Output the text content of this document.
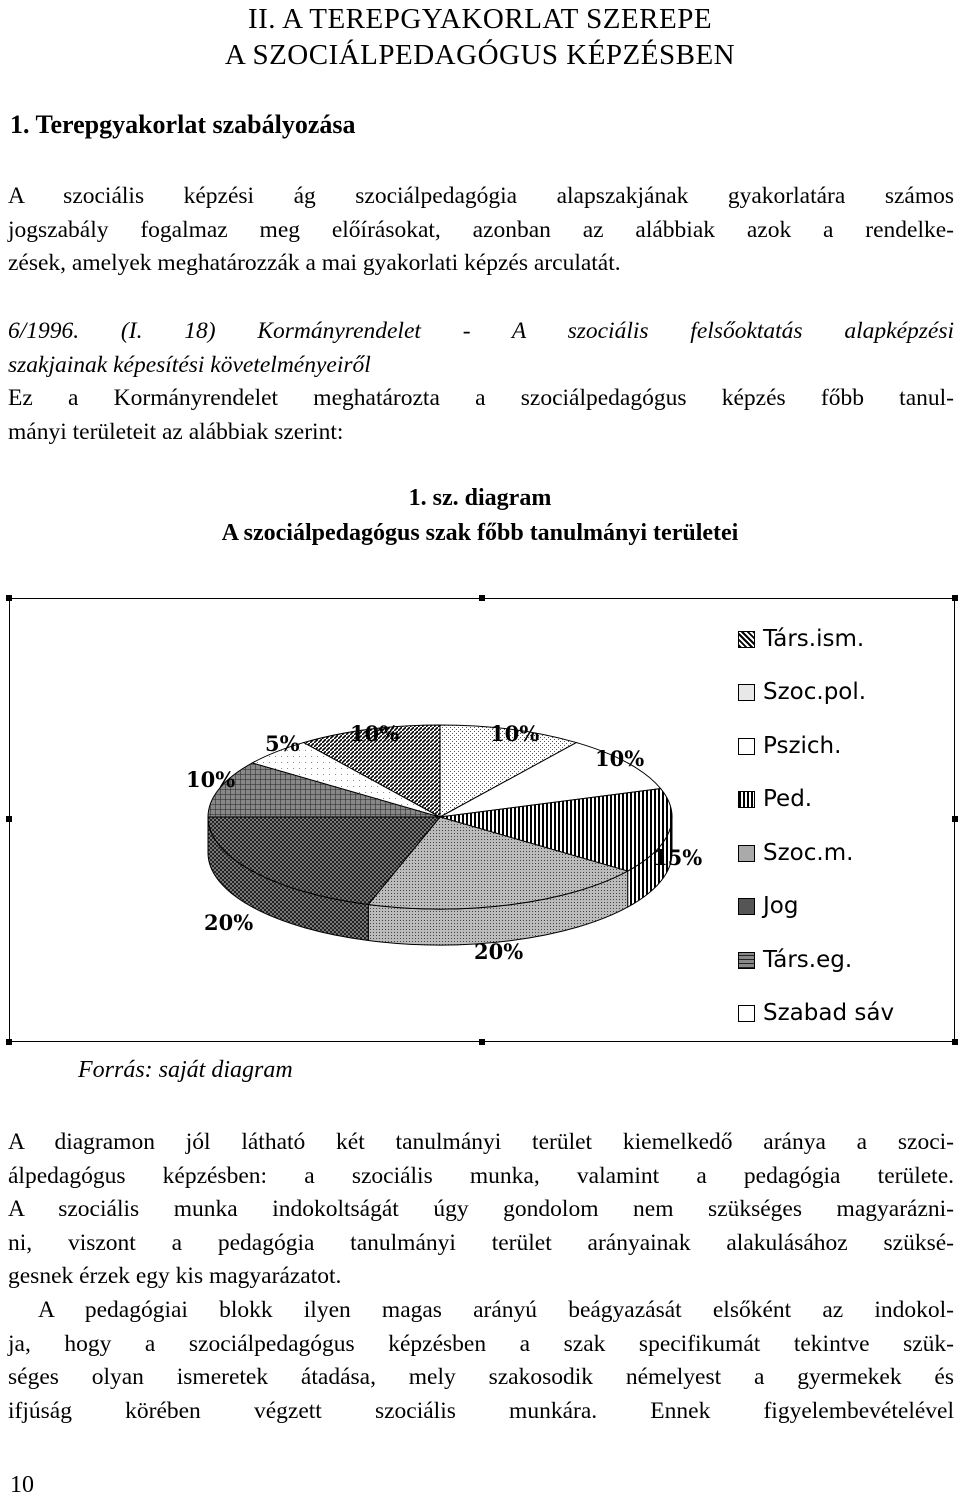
II. A TEREPGYAKORLAT SZEREPE
A SZOCIÁLPEDAGÓGUS KÉPZÉSBEN
1. Terepgyakorlat szabályozása
A szociális képzési ág szociálpedagógia alapszakjának gyakorlatára számos
jogszabály fogalmaz meg előírásokat, azonban az alábbiak azok a rendelke-
zések, amelyek meghatározzák a mai gyakorlati képzés arculatát.
6/1996. (I. 18) Kormányrendelet - A szociális felsőoktatás alapképzési
szakjainak képesítési követelményeiről
Ez a Kormányrendelet meghatározta a szociálpedagógus képzés főbb tanul-
mányi területeit az alábbiak szerint:
1. sz. diagram
A szociálpedagógus szak főbb tanulmányi területei
10%	10%
10%
15%
20%
20%
10%
5%
Társ.ism.
Szoc.pol.
Pszich.
Ped.
Szoc.m.
Jog
Társ.eg.
Szabad sáv
Forrás: saját diagram
A diagramon jól látható két tanulmányi terület kiemelkedő aránya a szoci-
álpedagógus képzésben: a szociális munka, valamint a pedagógia területe.
A szociális munka indokoltságát úgy gondolom nem szükséges magyarázni-
ni, viszont a pedagógia tanulmányi terület arányainak alakulásához szüksé-
gesnek érzek egy kis magyarázatot.
A pedagógiai blokk ilyen magas arányú beágyazását elsőként az indokol-
ja, hogy a szociálpedagógus képzésben a szak specifikumát tekintve szük-
séges olyan ismeretek átadása, mely szakosodik némelyest a gyermekek és
ifjúság körében végzett szociális munkára. Ennek figyelembevételével
10
